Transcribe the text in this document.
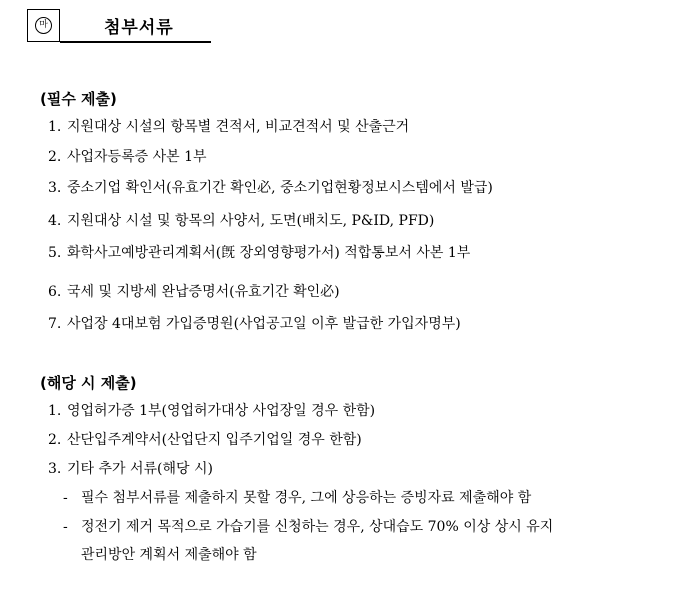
마	첨부서류
(필수 제출)
1. 지원대상 시설의 항목별 견적서, 비교견적서 및 산출근거
2. 사업자등록증 사본 1부
3. 중소기업 확인서(유효기간 확인必, 중소기업현황정보시스템에서 발급)
4. 지원대상 시설 및 항목의 사양서, 도면(배치도, P&ID, PFD)
5. 화학사고예방관리계획서(旣 장외영향평가서) 적합통보서 사본 1부
6. 국세 및 지방세 완납증명서(유효기간 확인必)
7. 사업장 4대보험 가입증명원(사업공고일 이후 발급한 가입자명부)
(해당 시 제출)
1. 영업허가증 1부(영업허가대상 사업장일 경우 한함)
2. 산단입주계약서(산업단지 입주기업일 경우 한함)
3. 기타 추가 서류(해당 시)
- 필수 첨부서류를 제출하지 못할 경우, 그에 상응하는 증빙자료 제출해야 함
- 정전기 제거 목적으로 가습기를 신청하는 경우, 상대습도 70% 이상 상시 유지
관리방안 계획서 제출해야 함
